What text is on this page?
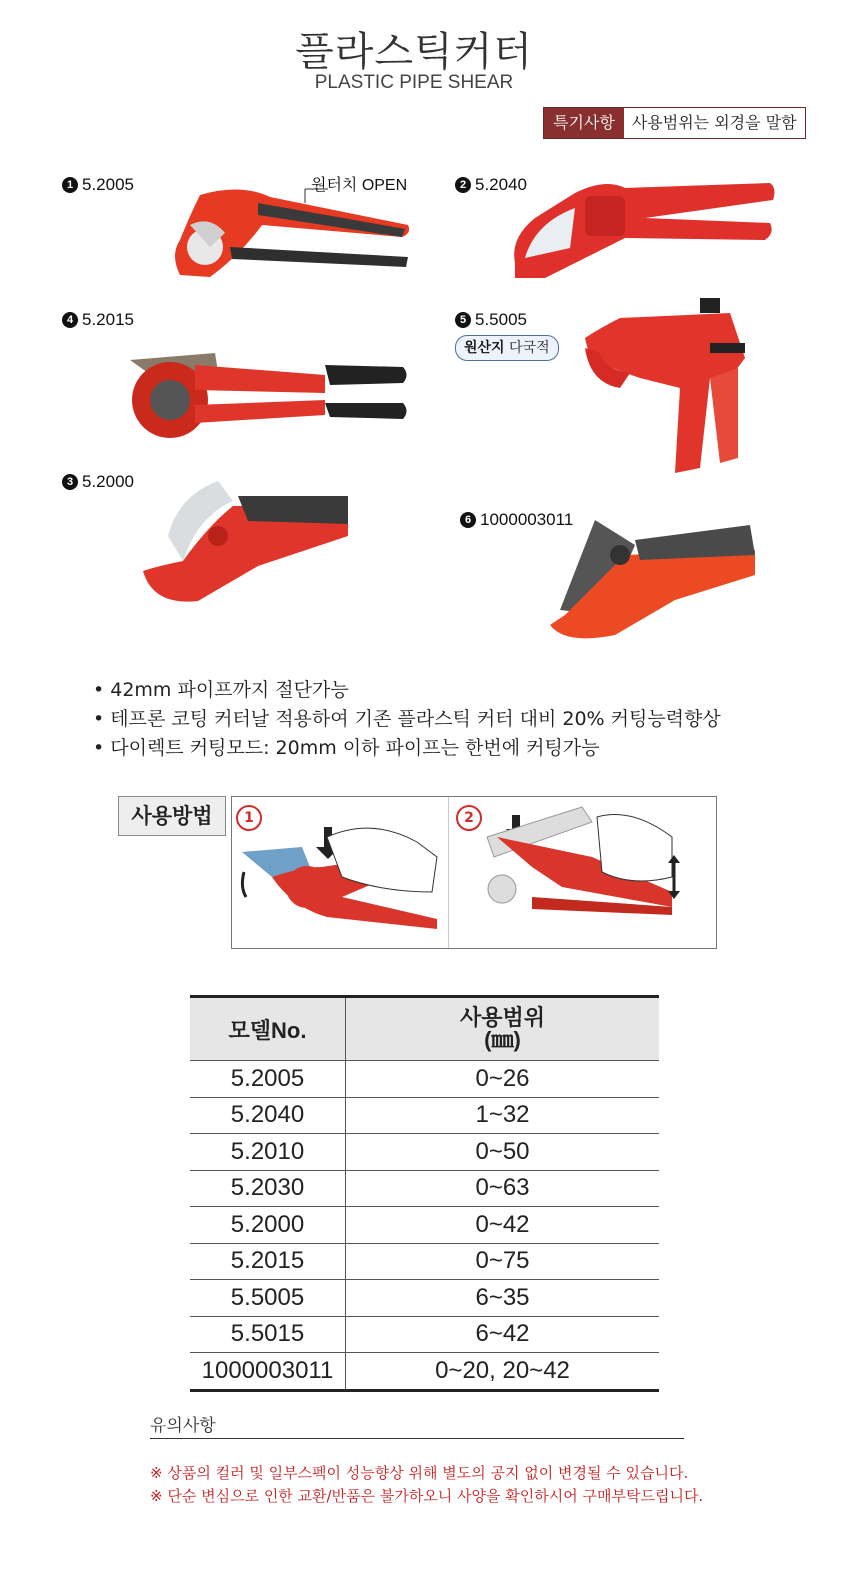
플라스틱커터
PLASTIC PIPE SHEAR
특기사항	사용범위는 외경을 말함
1 5.2005	원터치 OPEN	2 5.2040
4 5.2015	5 5.5005
원산지 다국적
3 5.2000
6 1000003011
• 42mm 파이프까지 절단가능
• 테프론 코팅 커터날 적용하여 기존 플라스틱 커터 대비 20% 커팅능력향상
• 다이렉트 커팅모드: 20mm 이하 파이프는 한번에 커팅가능
사용방법	1	2
모델No.	사용범위
(㎜)

5.2005	0~26
5.2040	1~32
5.2010	0~50
5.2030	0~63
5.2000	0~42
5.2015	0~75
5.5005	6~35
5.5015	6~42
1000003011	0~20, 20~42
유의사항
※ 상품의 컬러 및 일부스펙이 성능향상 위해 별도의 공지 없이 변경될 수 있습니다.
※ 단순 변심으로 인한 교환/반품은 불가하오니 사양을 확인하시어 구매부탁드립니다.
